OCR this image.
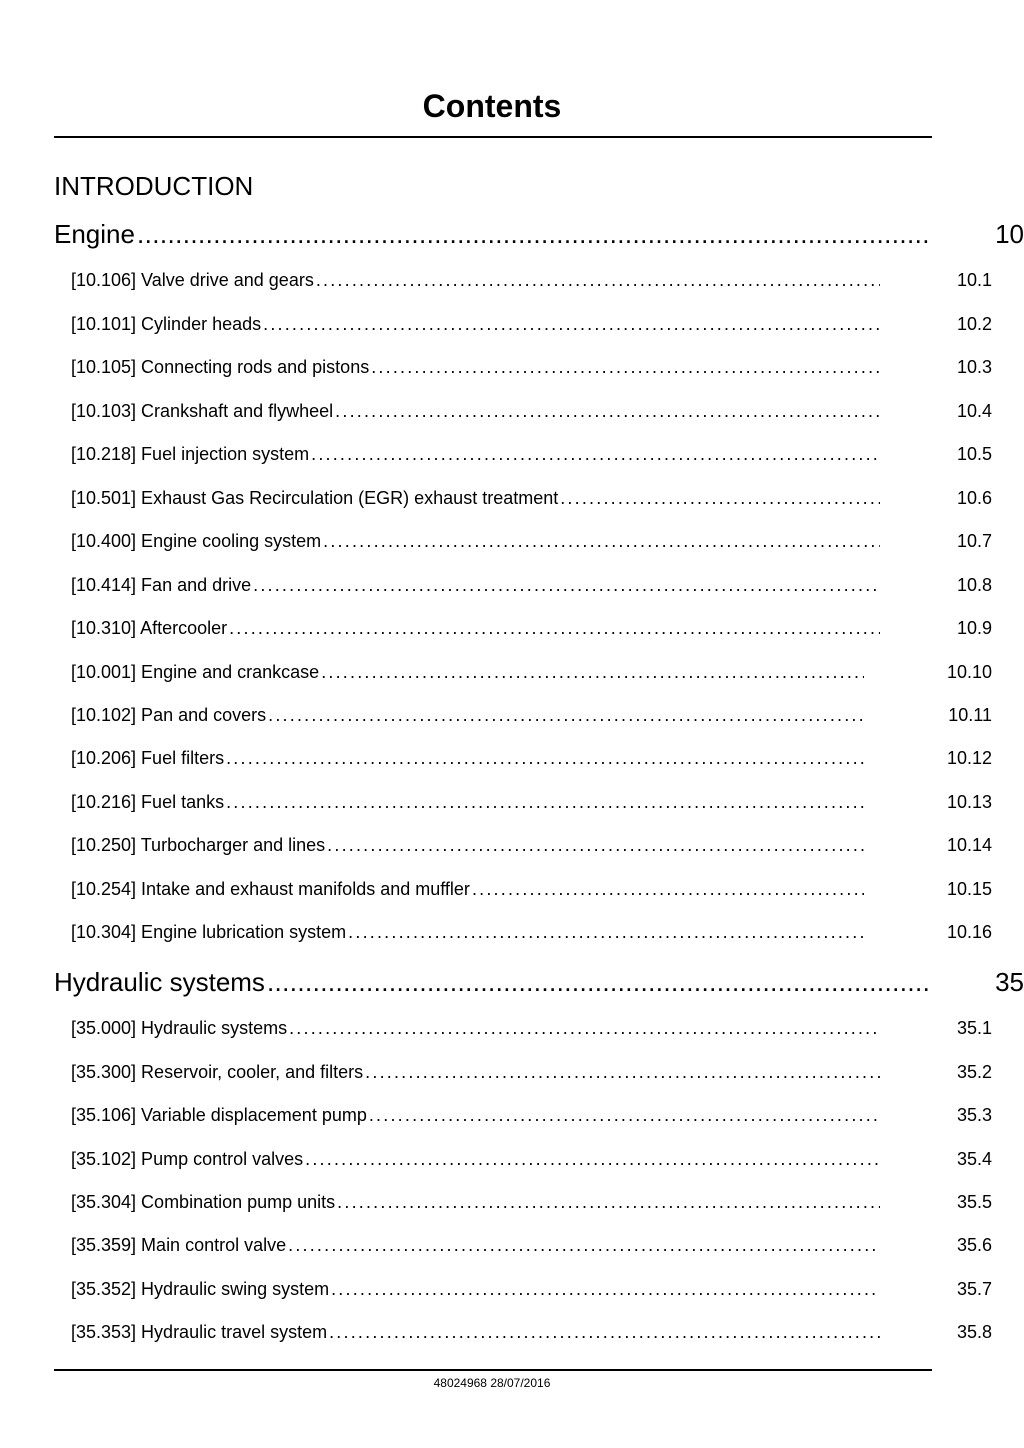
Contents
INTRODUCTION
Engine .....	10
[10.106] Valve drive and gears .....	10.1
[10.101] Cylinder heads .....	10.2
[10.105] Connecting rods and pistons .....	10.3
[10.103] Crankshaft and flywheel .....	10.4
[10.218] Fuel injection system .....	10.5
[10.501] Exhaust Gas Recirculation (EGR) exhaust treatment .....	10.6
[10.400] Engine cooling system .....	10.7
[10.414] Fan and drive .....	10.8
[10.310] Aftercooler .....	10.9
[10.001] Engine and crankcase .....	10.10
[10.102] Pan and covers .....	10.11
[10.206] Fuel filters .....	10.12
[10.216] Fuel tanks .....	10.13
[10.250] Turbocharger and lines .....	10.14
[10.254] Intake and exhaust manifolds and muffler .....	10.15
[10.304] Engine lubrication system .....	10.16
Hydraulic systems .....	35
[35.000] Hydraulic systems .....	35.1
[35.300] Reservoir, cooler, and filters .....	35.2
[35.106] Variable displacement pump .....	35.3
[35.102] Pump control valves .....	35.4
[35.304] Combination pump units .....	35.5
[35.359] Main control valve .....	35.6
[35.352] Hydraulic swing system .....	35.7
[35.353] Hydraulic travel system .....	35.8
48024968 28/07/2016
